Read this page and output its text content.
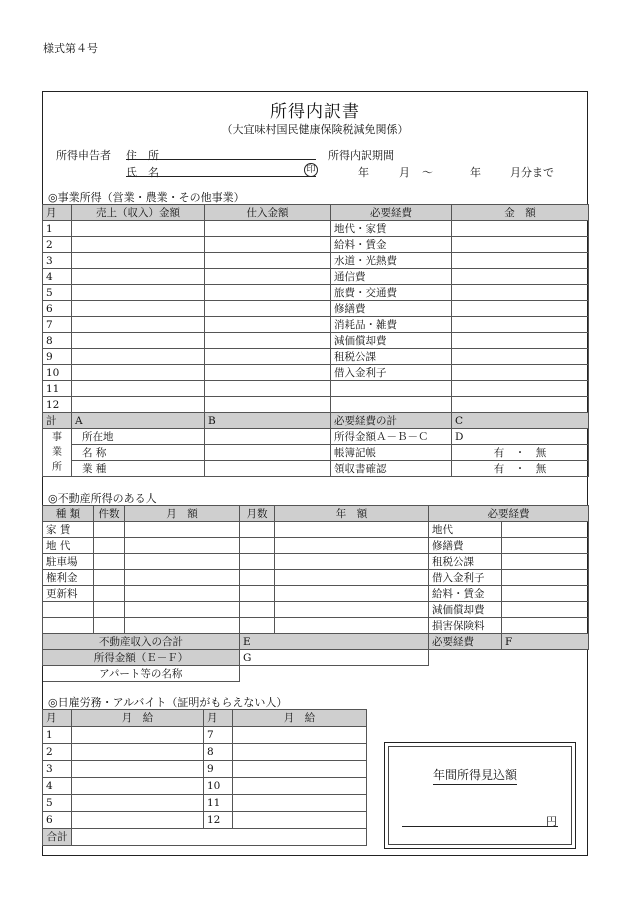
様式第４号
所得内訳書
（大宜味村国民健康保険税減免関係）
所得申告者 住　所
氏　名	印
所得内訳期間
年	月 ～	年	月分まで
◎事業所得（営業・農業・その他事業）
月	売上（収入）金額	仕入金額	必要経費	金　額
1			地代・家賃	
2			給料・賃金	
3			水道・光熱費	
4			通信費	
5			旅費・交通費	
6			修繕費	
7			消耗品・雑費	
8			減価償却費	
9			租税公課	
10			借入金利子	
11				
12				
計	A	B	必要経費の計	C
事
業
所	所在地		所得金額Ａ－Ｂ－Ｃ	D
	名 称		帳簿記帳	有　 ・　 無
	業 種		領収書確認	有　 ・　 無
◎不動産所得のある人
種 類	件数	月　額	月数	年　額	必要経費	
家 賃					地代	
地 代					修繕費	
駐車場					租税公課	
権利金					借入金利子	
更新料					給料・賃金	
					減価償却費	
					損害保険料	
不動産収入の合計			E		必要経費	F
所得金額（Ｅ－Ｆ）			G			
アパート等の名称						
◎日雇労務・アルバイト（証明がもらえない人）
月	月　給	月	月　給
1		7	
2		8	
3		9	
4		10	
5		11	
6		12	
合計			
年間所得見込額
円
